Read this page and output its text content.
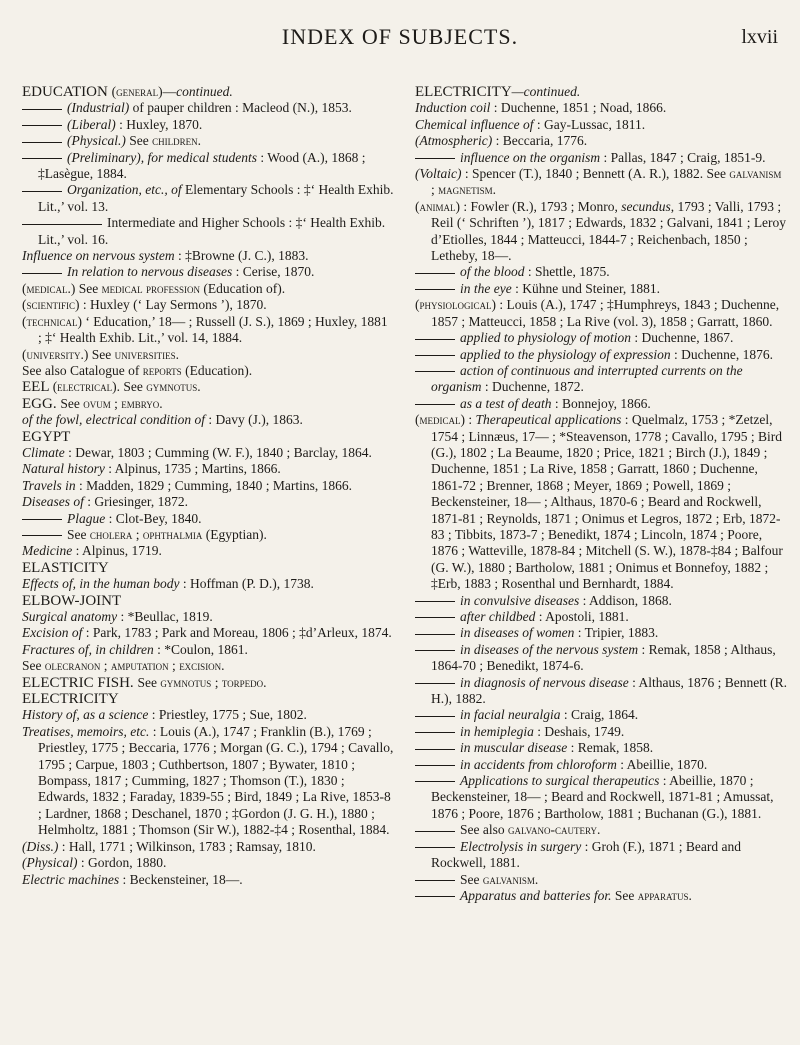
INDEX OF SUBJECTS.	lxvii

EDUCATION (general)—continued.

(Industrial) of pauper children : Macleod (N.), 1853.

(Liberal) : Huxley, 1870.

(Physical.) See children.

(Preliminary), for medical students : Wood (A.), 1868 ; ‡Lasègue, 1884.

Organization, etc., of Elementary Schools : ‡‘ Health Exhib. Lit.,’ vol. 13.

Intermediate and Higher Schools : ‡‘ Health Exhib. Lit.,’ vol. 16.

Influence on nervous system : ‡Browne (J. C.), 1883.

In relation to nervous diseases : Cerise, 1870.

(medical.) See medical profession (Education of).

(scientific) : Huxley (‘ Lay Sermons ’), 1870.

(technical) ‘ Education,’ 18— ; Russell (J. S.), 1869 ; Huxley, 1881 ; ‡‘ Health Exhib. Lit.,’ vol. 14, 1884.

(university.) See universities.

See also Catalogue of reports (Education).

EEL (electrical). See gymnotus.

EGG. See ovum ; embryo.

of the fowl, electrical condition of : Davy (J.), 1863.

EGYPT

Climate : Dewar, 1803 ; Cumming (W. F.), 1840 ; Barclay, 1864.

Natural history : Alpinus, 1735 ; Martins, 1866.

Travels in : Madden, 1829 ; Cumming, 1840 ; Martins, 1866.

Diseases of : Griesinger, 1872.

Plague : Clot-Bey, 1840.

See cholera ; ophthalmia (Egyptian).

Medicine : Alpinus, 1719.

ELASTICITY

Effects of, in the human body : Hoffman (P. D.), 1738.

ELBOW-JOINT

Surgical anatomy : *Beullac, 1819.

Excision of : Park, 1783 ; Park and Moreau, 1806 ; ‡d’Arleux, 1874.

Fractures of, in children : *Coulon, 1861.

See olecranon ; amputation ; excision.

ELECTRIC FISH. See gymnotus ; torpedo.

ELECTRICITY

History of, as a science : Priestley, 1775 ; Sue, 1802.

Treatises, memoirs, etc. : Louis (A.), 1747 ; Franklin (B.), 1769 ; Priestley, 1775 ; Beccaria, 1776 ; Morgan (G. C.), 1794 ; Cavallo, 1795 ; Carpue, 1803 ; Cuthbertson, 1807 ; Bywater, 1810 ; Bompass, 1817 ; Cumming, 1827 ; Thomson (T.), 1830 ; Edwards, 1832 ; Faraday, 1839-55 ; Bird, 1849 ; La Rive, 1853-8 ; Lardner, 1868 ; Deschanel, 1870 ; ‡Gordon (J. G. H.), 1880 ; Helmholtz, 1881 ; Thomson (Sir W.), 1882-‡4 ; Rosenthal, 1884.

(Diss.) : Hall, 1771 ; Wilkinson, 1783 ; Ramsay, 1810.

(Physical) : Gordon, 1880.

Electric machines : Beckensteiner, 18—.

ELECTRICITY—continued.

Induction coil : Duchenne, 1851 ; Noad, 1866.

Chemical influence of : Gay-Lussac, 1811.

(Atmospheric) : Beccaria, 1776.

influence on the organism : Pallas, 1847 ; Craig, 1851-9.

(Voltaic) : Spencer (T.), 1840 ; Bennett (A. R.), 1882. See galvanism ; magnetism.

(animal) : Fowler (R.), 1793 ; Monro, secundus, 1793 ; Valli, 1793 ; Reil (‘ Schriften ’), 1817 ; Edwards, 1832 ; Galvani, 1841 ; Leroy d’Etiolles, 1844 ; Matteucci, 1844-7 ; Reichenbach, 1850 ; Letheby, 18—.

of the blood : Shettle, 1875.

in the eye : Kühne und Steiner, 1881.

(physiological) : Louis (A.), 1747 ; ‡Humphreys, 1843 ; Duchenne, 1857 ; Matteucci, 1858 ; La Rive (vol. 3), 1858 ; Garratt, 1860.

applied to physiology of motion : Duchenne, 1867.

applied to the physiology of expression : Duchenne, 1876.

action of continuous and interrupted currents on the organism : Duchenne, 1872.

as a test of death : Bonnejoy, 1866.

(medical) : Therapeutical applications : Quelmalz, 1753 ; *Zetzel, 1754 ; Linnæus, 17— ; *Steavenson, 1778 ; Cavallo, 1795 ; Bird (G.), 1802 ; La Beaume, 1820 ; Price, 1821 ; Birch (J.), 1849 ; Duchenne, 1851 ; La Rive, 1858 ; Garratt, 1860 ; Duchenne, 1861-72 ; Brenner, 1868 ; Meyer, 1869 ; Powell, 1869 ; Beckensteiner, 18— ; Althaus, 1870-6 ; Beard and Rockwell, 1871-81 ; Reynolds, 1871 ; Onimus et Legros, 1872 ; Erb, 1872-83 ; Tibbits, 1873-7 ; Benedikt, 1874 ; Lincoln, 1874 ; Poore, 1876 ; Watteville, 1878-84 ; Mitchell (S. W.), 1878-‡84 ; Balfour (G. W.), 1880 ; Bartholow, 1881 ; Onimus et Bonnefoy, 1882 ; ‡Erb, 1883 ; Rosenthal und Bernhardt, 1884.

in convulsive diseases : Addison, 1868.

after childbed : Apostoli, 1881.

in diseases of women : Tripier, 1883.

in diseases of the nervous system : Remak, 1858 ; Althaus, 1864-70 ; Benedikt, 1874-6.

in diagnosis of nervous disease : Althaus, 1876 ; Bennett (R. H.), 1882.

in facial neuralgia : Craig, 1864.

in hemiplegia : Deshais, 1749.

in muscular disease : Remak, 1858.

in accidents from chloroform : Abeillie, 1870.

Applications to surgical therapeutics : Abeillie, 1870 ; Beckensteiner, 18— ; Beard and Rockwell, 1871-81 ; Amussat, 1876 ; Poore, 1876 ; Bartholow, 1881 ; Buchanan (G.), 1881.

See also galvano-cautery.

Electrolysis in surgery : Groh (F.), 1871 ; Beard and Rockwell, 1881.

See galvanism.

Apparatus and batteries for. See apparatus.
